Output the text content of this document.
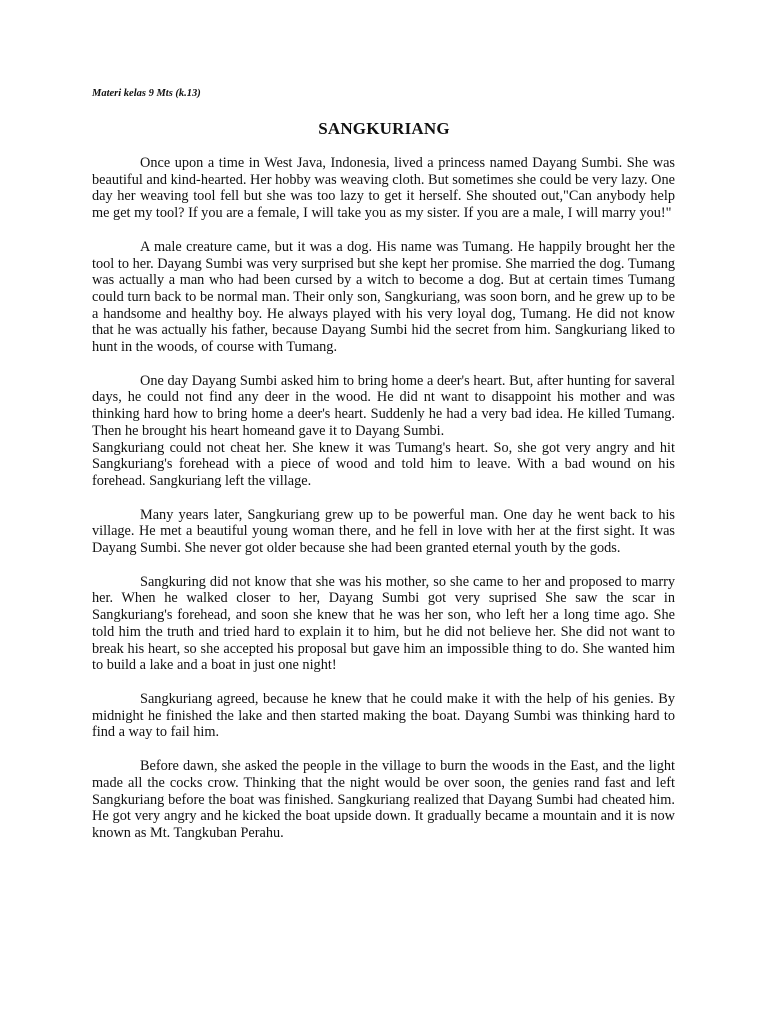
Materi kelas 9 Mts (k.13)
SANGKURIANG

Once upon a time in West Java, Indonesia, lived a princess named Dayang Sumbi. She was beautiful and kind-hearted. Her hobby was weaving cloth. But sometimes she could be very lazy. One day her weaving tool fell but she was too lazy to get it herself. She shouted out,"Can anybody help me get my tool? If you are a female, I will take you as my sister. If you are a male, I will marry you!"

A male creature came, but it was a dog. His name was Tumang. He happily brought her the tool to her. Dayang Sumbi was very surprised but she kept her promise. She married the dog. Tumang was actually a man who had been cursed by a witch to become a dog. But at certain times Tumang could turn back to be normal man. Their only son, Sangkuriang, was soon born, and he grew up to be a handsome and healthy boy. He always played with his very loyal dog, Tumang. He did not know that he was actually his father, because Dayang Sumbi hid the secret from him. Sangkuriang liked to hunt in the woods, of course with Tumang.

One day Dayang Sumbi asked him to bring home a deer's heart. But, after hunting for saveral days, he could not find any deer in the wood. He did nt want to disappoint his mother and was thinking hard how to bring home a deer's heart. Suddenly he had a very bad idea. He killed Tumang. Then he brought his heart homeand gave it to Dayang Sumbi.
Sangkuriang could not cheat her. She knew it was Tumang's heart. So, she got very angry and hit Sangkuriang's forehead with a piece of wood and told him to leave. With a bad wound on his forehead. Sangkuriang left the village.

Many years later, Sangkuriang grew up to be powerful man. One day he went back to his village. He met a beautiful young woman there, and he fell in love with her at the first sight. It was Dayang Sumbi. She never got older because she had been granted eternal youth by the gods.

Sangkuring did not know that she was his mother, so she came to her and proposed to marry her. When he walked closer to her, Dayang Sumbi got very suprised She saw the scar in Sangkuriang's forehead, and soon she knew that he was her son, who left her a long time ago. She told him the truth and tried hard to explain it to him, but he did not believe her. She did not want to break his heart, so she accepted his proposal but gave him an impossible thing to do. She wanted him to build a lake and a boat in just one night!

Sangkuriang agreed, because he knew that he could make it with the help of his genies. By midnight he finished the lake and then started making the boat. Dayang Sumbi was thinking hard to find a way to fail him.

Before dawn, she asked the people in the village to burn the woods in the East, and the light made all the cocks crow. Thinking that the night would be over soon, the genies rand fast and left Sangkuriang before the boat was finished. Sangkuriang realized that Dayang Sumbi had cheated him. He got very angry and he kicked the boat upside down. It gradually became a mountain and it is now known as Mt. Tangkuban Perahu.
